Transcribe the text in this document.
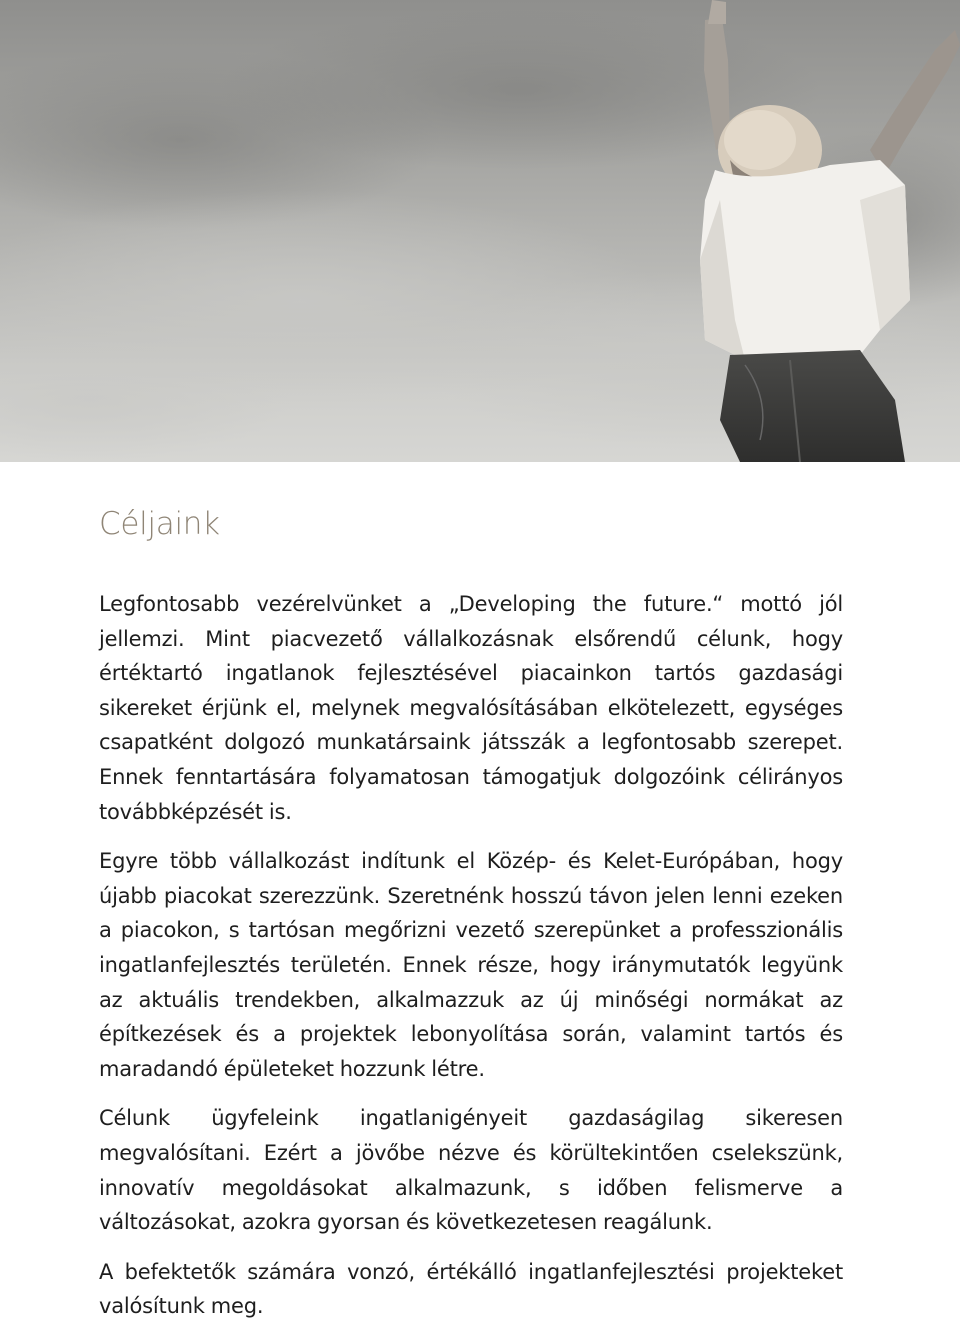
Céljaink

Legfontosabb vezérelvünket a „Developing the future.“ mottó jól jellemzi. Mint piacvezető vállalkozásnak elsőrendű célunk, hogy értéktartó ingatlanok fejlesztésével piacainkon tartós gazdasági sikereket érjünk el, melynek megvalósításában elkötelezett, egységes csapatként dolgozó munkatársaink játsszák a legfontosabb szerepet. Ennek fenntartására folyamatosan támogatjuk dolgozóink célirányos továbbképzését is.

Egyre több vállalkozást indítunk el Közép- és Kelet-Európában, hogy újabb piacokat szerezzünk. Szeretnénk hosszú távon jelen lenni ezeken a piacokon, s tartósan megőrizni vezető szerepünket a professzionális ingatlanfejlesztés területén. Ennek része, hogy iránymutatók legyünk az aktuális trendekben, alkalmazzuk az új minőségi normákat az építkezések és a projektek lebonyolítása során, valamint tartós és maradandó épületeket hozzunk létre.

Célunk ügyfeleink ingatlanigényeit gazdaságilag sikeresen megvalósítani. Ezért a jövőbe nézve és körültekintően cselekszünk, innovatív megoldásokat alkalmazunk, s időben felismerve a változásokat, azokra gyorsan és következetesen reagálunk.

A befektetők számára vonzó, értékálló ingatlanfejlesztési projekteket valósítunk meg.
